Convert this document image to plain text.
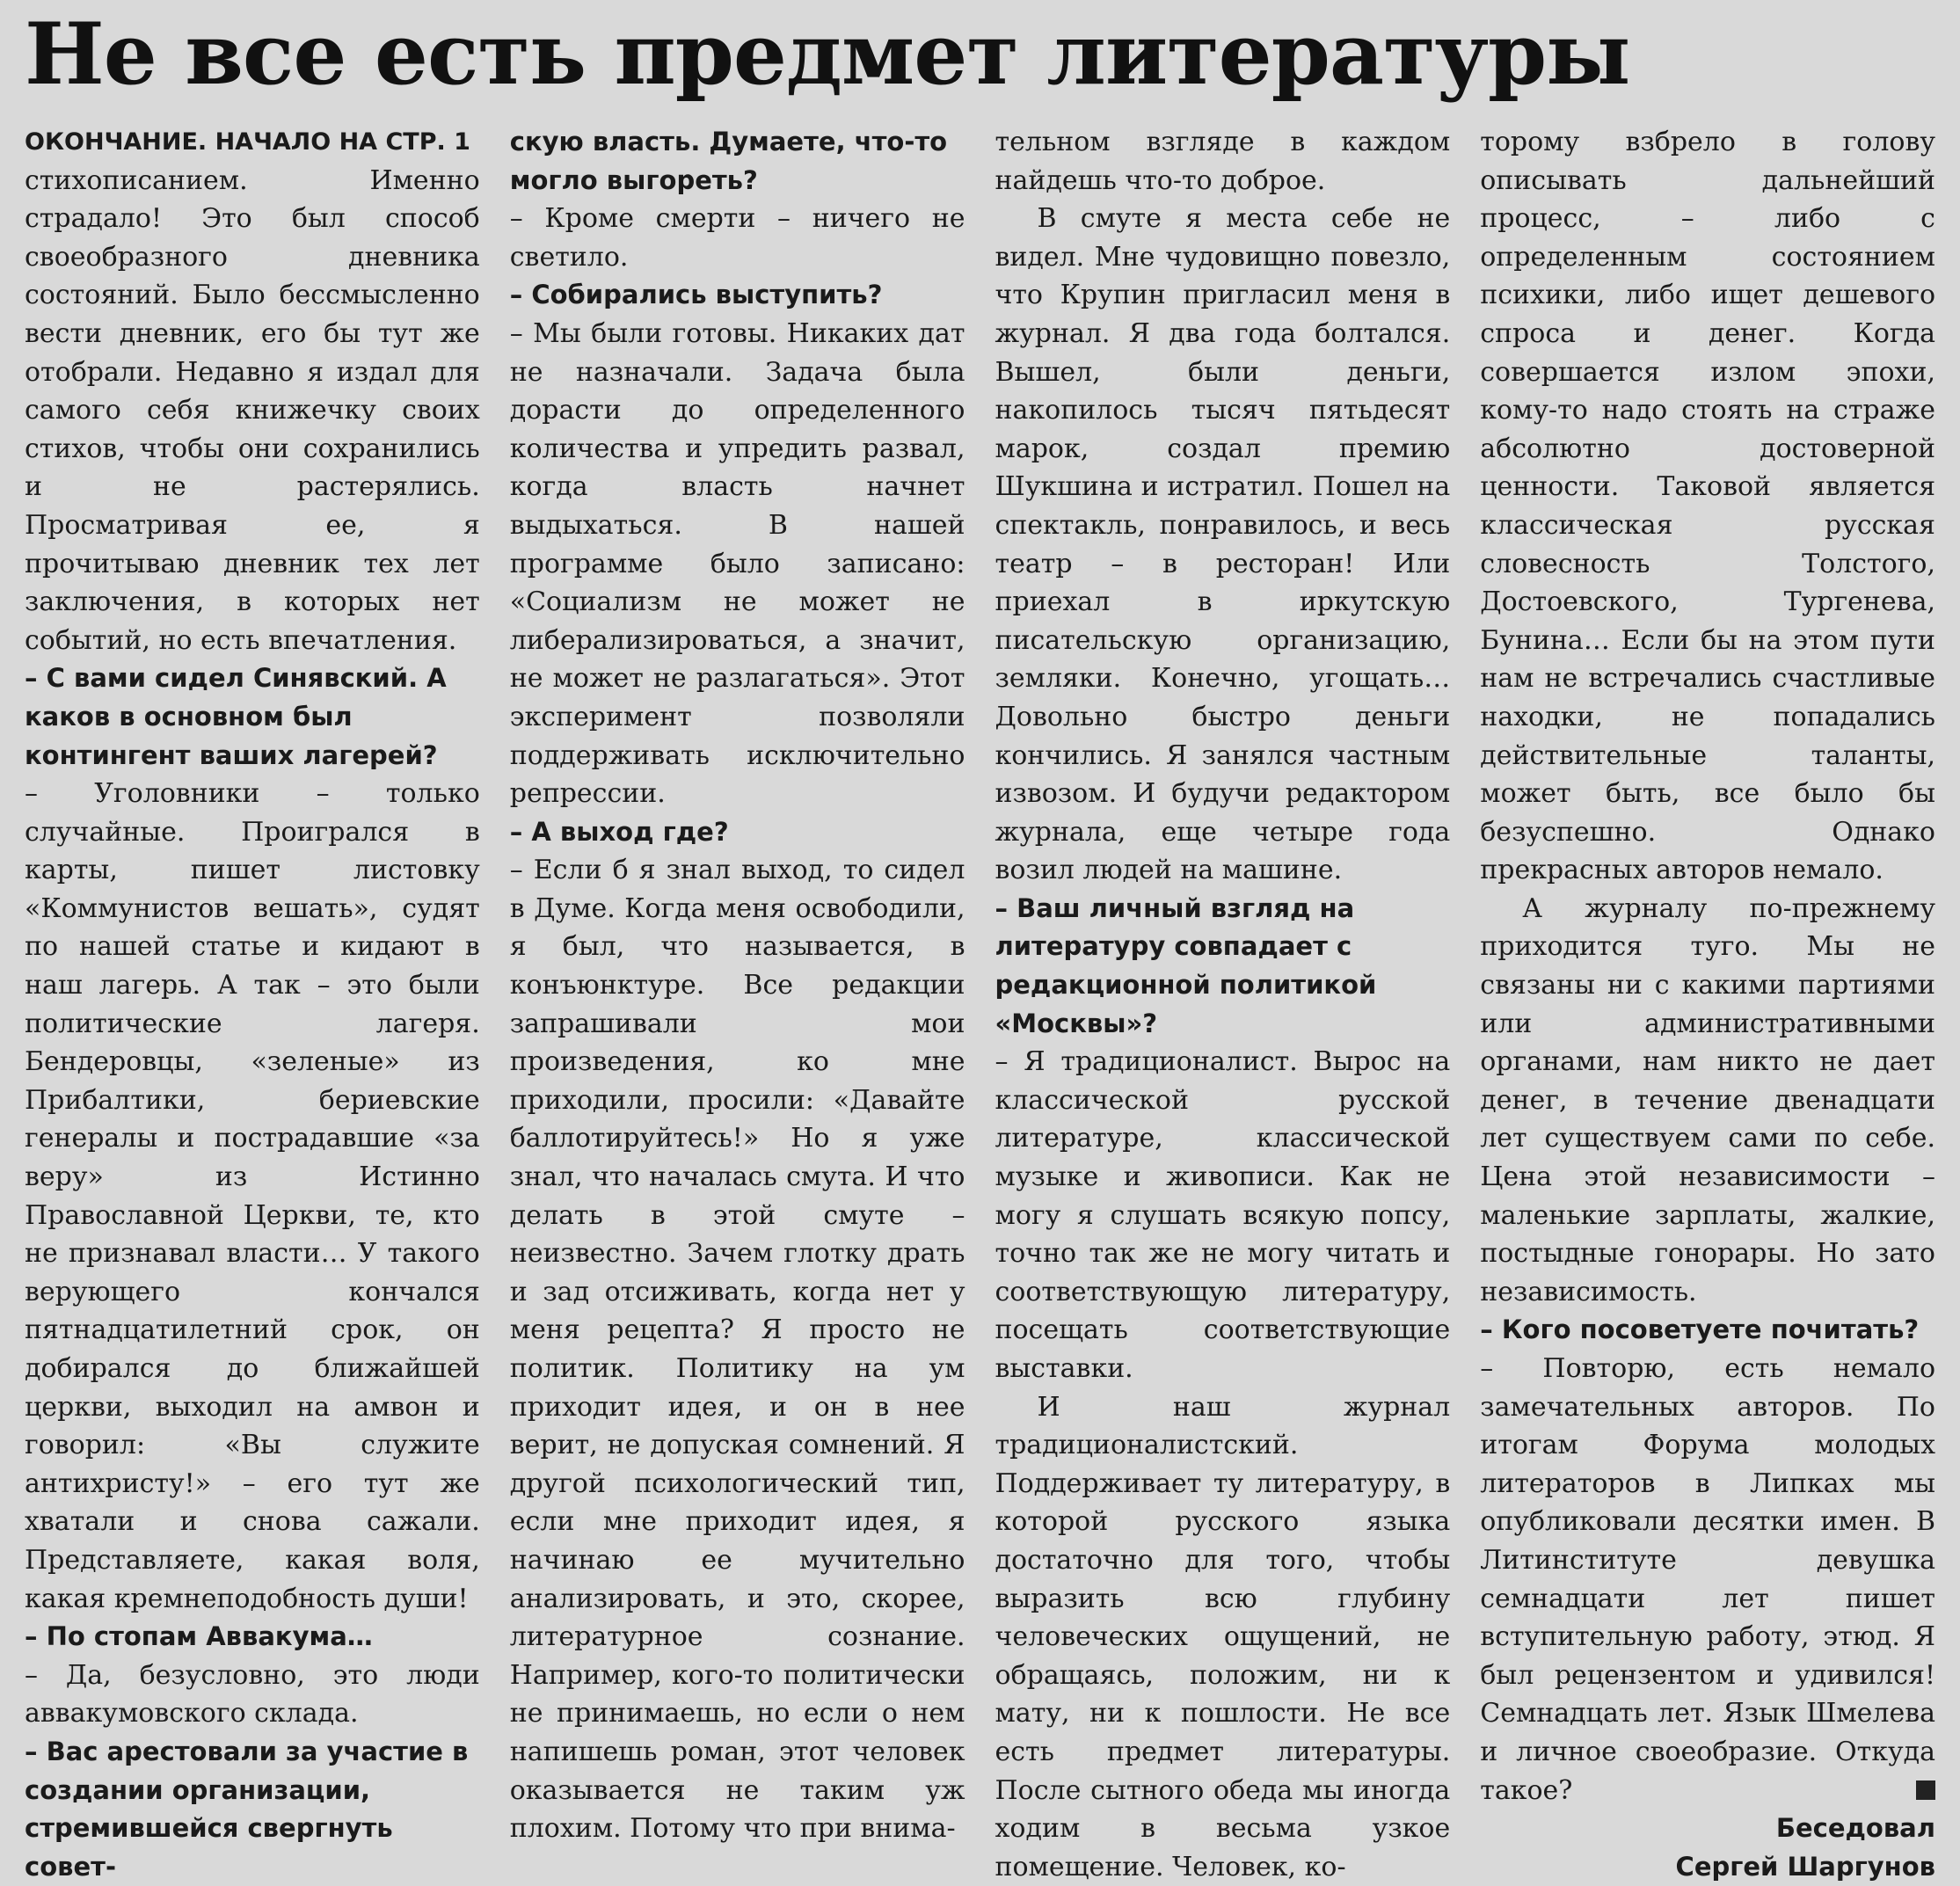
Не все есть предмет литературы

ОКОНЧАНИЕ. НАЧАЛО НА СТР. 1

стихописанием. Именно страдало! Это был способ своеобразного дневника состояний. Было бессмысленно вести дневник, его бы тут же отобрали. Недавно я издал для самого себя книжечку своих стихов, чтобы они сохранились и не растерялись. Просматривая ее, я прочитываю дневник тех лет заключения, в которых нет событий, но есть впечатления.

– С вами сидел Синявский. А каков в основном был контингент ваших лагерей?

– Уголовники – только случайные. Проигрался в карты, пишет листовку «Коммунистов вешать», судят по нашей статье и кидают в наш лагерь. А так – это были политические лагеря. Бендеровцы, «зеленые» из Прибалтики, бериевские генералы и пострадавшие «за веру» из Истинно Православной Церкви, те, кто не признавал власти… У такого верующего кончался пятнадцатилетний срок, он добирался до ближайшей церкви, выходил на амвон и говорил: «Вы служите антихристу!» – его тут же хватали и снова сажали. Представляете, какая воля, какая кремнеподобность души!

– По стопам Аввакума…

– Да, безусловно, это люди аввакумовского склада.

– Вас арестовали за участие в создании организации, стремившейся свергнуть совет-

скую власть. Думаете, что-то могло выгореть?

– Кроме смерти – ничего не светило.

– Собирались выступить?

– Мы были готовы. Никаких дат не назначали. Задача была дорасти до определенного количества и упредить развал, когда власть начнет выдыхаться. В нашей программе было записано: «Социализм не может не либерализироваться, а значит, не может не разлагаться». Этот эксперимент позволяли поддерживать исключительно репрессии.

– А выход где?

– Если б я знал выход, то сидел в Думе. Когда меня освободили, я был, что называется, в конъюнктуре. Все редакции запрашивали мои произведения, ко мне приходили, просили: «Давайте баллотируйтесь!» Но я уже знал, что началась смута. И что делать в этой смуте – неизвестно. Зачем глотку драть и зад отсиживать, когда нет у меня рецепта? Я просто не политик. Политику на ум приходит идея, и он в нее верит, не допуская сомнений. Я другой психологический тип, если мне приходит идея, я начинаю ее мучительно анализировать, и это, скорее, литературное сознание. Например, кого-то политически не принимаешь, но если о нем напишешь роман, этот человек оказывается не таким уж плохим. Потому что при внима-

тельном взгляде в каждом найдешь что-то доброе.

В смуте я места себе не видел. Мне чудовищно повезло, что Крупин пригласил меня в журнал. Я два года болтался. Вышел, были деньги, накопилось тысяч пятьдесят марок, создал премию Шукшина и истратил. Пошел на спектакль, понравилось, и весь театр – в ресторан! Или приехал в иркутскую писательскую организацию, земляки. Конечно, угощать… Довольно быстро деньги кончились. Я занялся частным извозом. И будучи редактором журнала, еще четыре года возил людей на машине.

– Ваш личный взгляд на литературу совпадает с редакционной политикой «Москвы»?

– Я традиционалист. Вырос на классической русской литературе, классической музыке и живописи. Как не могу я слушать всякую попсу, точно так же не могу читать и соответствующую литературу, посещать соответствующие выставки.

И наш журнал традиционалистский. Поддерживает ту литературу, в которой русского языка достаточно для того, чтобы выразить всю глубину человеческих ощущений, не обращаясь, положим, ни к мату, ни к пошлости. Не все есть предмет литературы. После сытного обеда мы иногда ходим в весьма узкое помещение. Человек, ко-

торому взбрело в голову описывать дальнейший процесс, – либо с определенным состоянием психики, либо ищет дешевого спроса и денег. Когда совершается излом эпохи, кому-то надо стоять на страже абсолютно достоверной ценности. Таковой является классическая русская словесность Толстого, Достоевского, Тургенева, Бунина… Если бы на этом пути нам не встречались счастливые находки, не попадались действительные таланты, может быть, все было бы безуспешно. Однако прекрасных авторов немало.

А журналу по-прежнему приходится туго. Мы не связаны ни с какими партиями или административными органами, нам никто не дает денег, в течение двенадцати лет существуем сами по себе. Цена этой независимости – маленькие зарплаты, жалкие, постыдные гонорары. Но зато независимость.

– Кого посоветуете почитать?

– Повторю, есть немало замечательных авторов. По итогам Форума молодых литераторов в Липках мы опубликовали десятки имен. В Литинституте девушка семнадцати лет пишет вступительную работу, этюд. Я был рецензентом и удивился! Семнадцать лет. Язык Шмелева и личное своеобразие. Откуда такое?

Беседовал
Сергей Шаргунов
